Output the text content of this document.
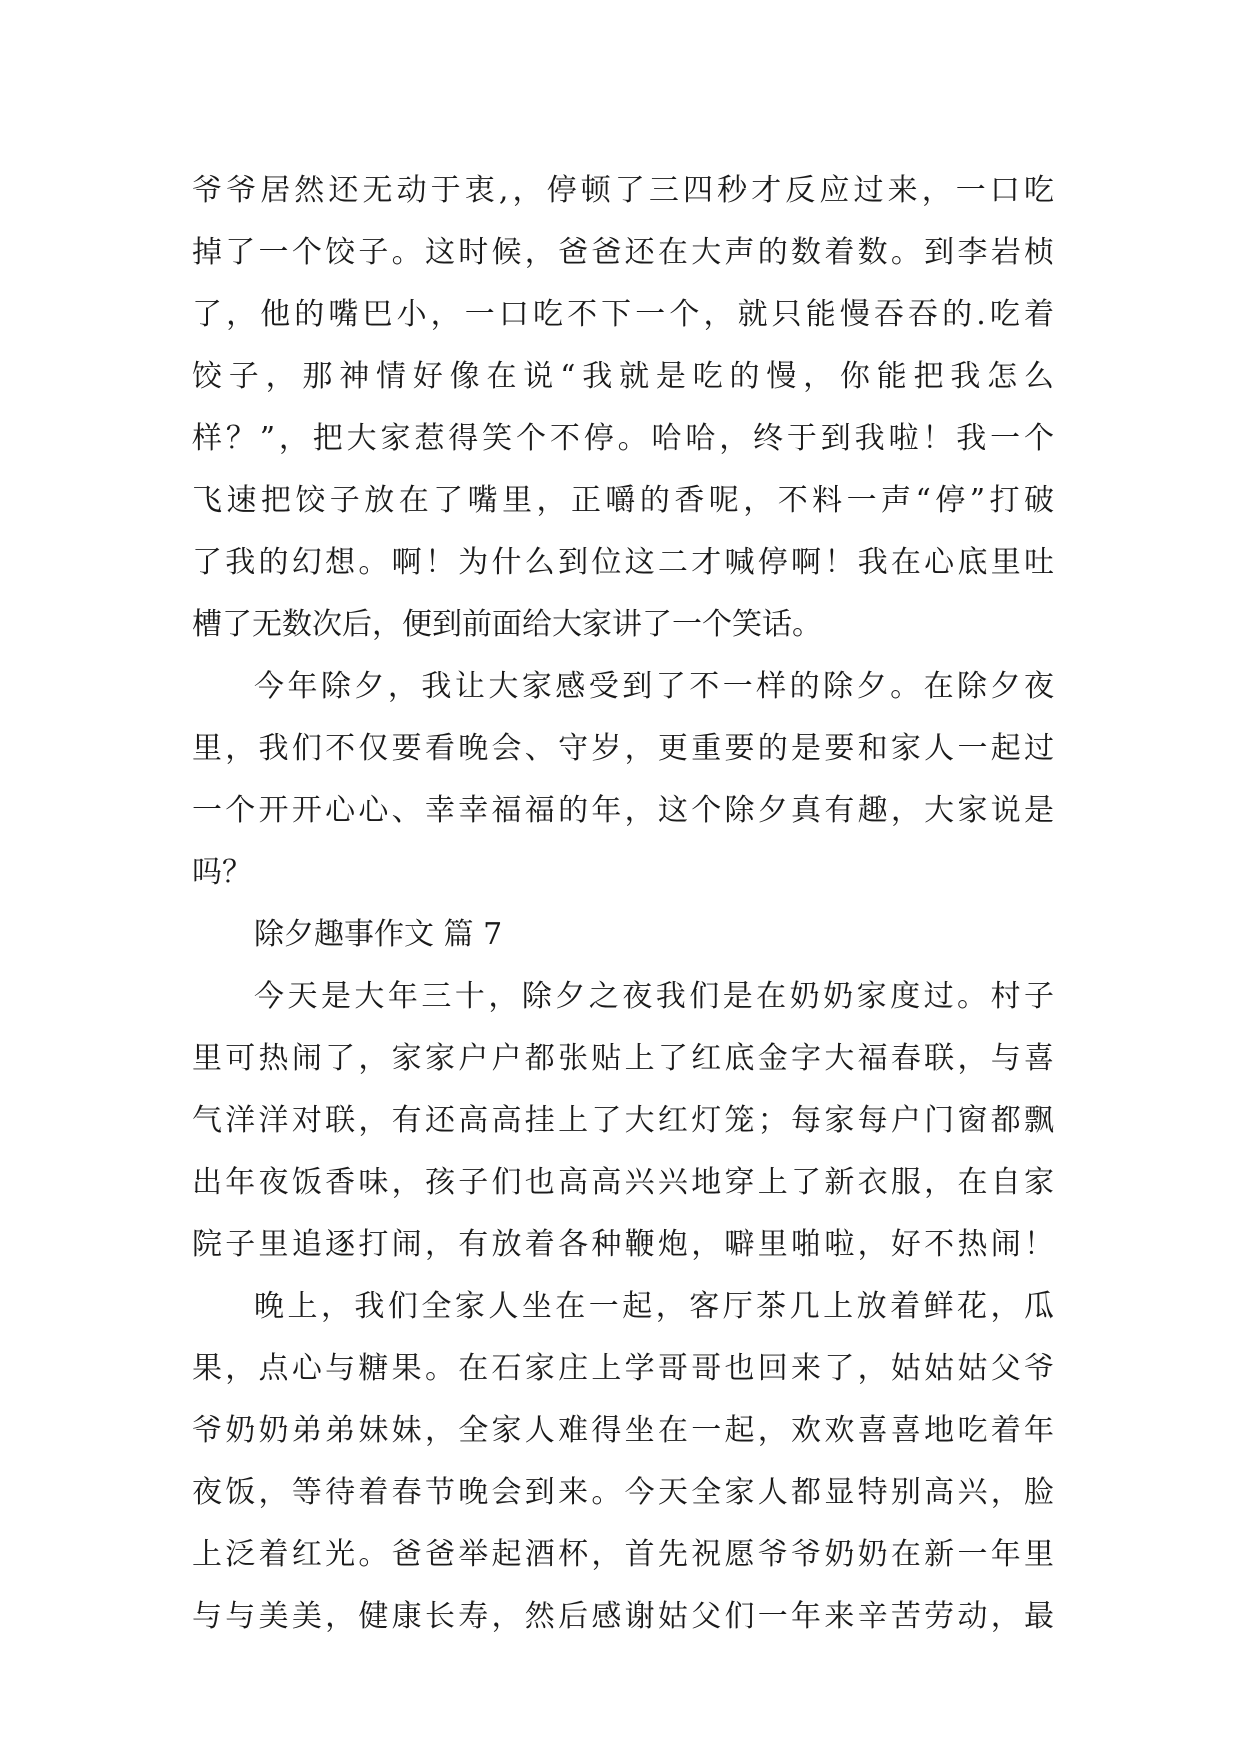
爷爷居然还无动于衷,，停顿了三四秒才反应过来，一口吃
掉了一个饺子。这时候，爸爸还在大声的数着数。到李岩桢
了，他的嘴巴小，一口吃不下一个，就只能慢吞吞的.吃着
饺子，那神情好像在说“我就是吃的慢，你能把我怎么
样？”，把大家惹得笑个不停。哈哈，终于到我啦！我一个
飞速把饺子放在了嘴里，正嚼的香呢，不料一声“停”打破
了我的幻想。啊！为什么到位这二才喊停啊！我在心底里吐
槽了无数次后，便到前面给大家讲了一个笑话。
今年除夕，我让大家感受到了不一样的除夕。在除夕夜
里，我们不仅要看晚会、守岁，更重要的是要和家人一起过
一个开开心心、幸幸福福的年，这个除夕真有趣，大家说是
吗？
除夕趣事作文 篇 7
今天是大年三十，除夕之夜我们是在奶奶家度过。村子
里可热闹了，家家户户都张贴上了红底金字大福春联，与喜
气洋洋对联，有还高高挂上了大红灯笼；每家每户门窗都飘
出年夜饭香味，孩子们也高高兴兴地穿上了新衣服，在自家
院子里追逐打闹，有放着各种鞭炮，噼里啪啦，好不热闹！
晚上，我们全家人坐在一起，客厅茶几上放着鲜花，瓜
果，点心与糖果。在石家庄上学哥哥也回来了，姑姑姑父爷
爷奶奶弟弟妹妹，全家人难得坐在一起，欢欢喜喜地吃着年
夜饭，等待着春节晚会到来。今天全家人都显特别高兴，脸
上泛着红光。爸爸举起酒杯，首先祝愿爷爷奶奶在新一年里
与与美美，健康长寿，然后感谢姑父们一年来辛苦劳动，最
